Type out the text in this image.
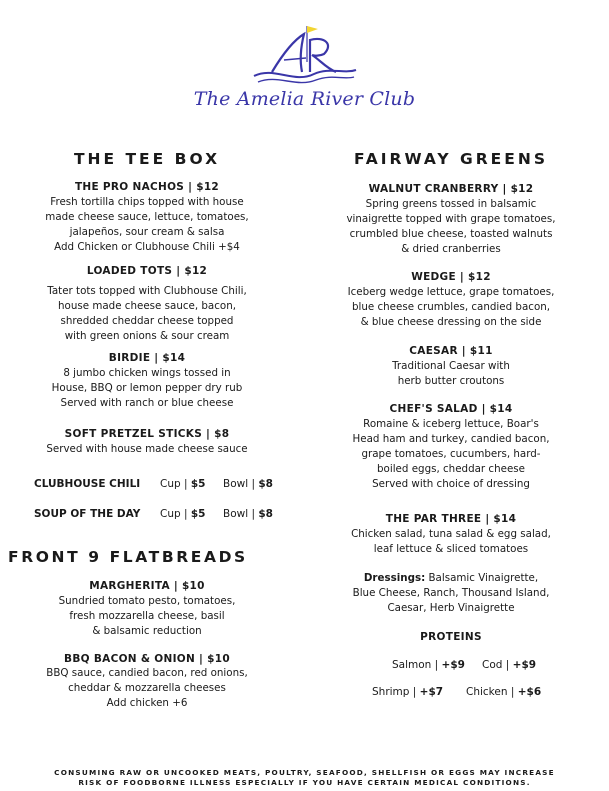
The Amelia River Club
THE TEE BOX
THE PRO NACHOS | $12
Fresh tortilla chips topped with house
made cheese sauce, lettuce, tomatoes,
jalapeños, sour cream & salsa
Add Chicken or Clubhouse Chili +$4
LOADED TOTS | $12
Tater tots topped with Clubhouse Chili,
house made cheese sauce, bacon,
shredded cheddar cheese topped
with green onions & sour cream
BIRDIE | $14
8 jumbo chicken wings tossed in
House, BBQ or lemon pepper dry rub
Served with ranch or blue cheese
SOFT PRETZEL STICKS | $8
Served with house made cheese sauce
CLUBHOUSE CHILI Cup | $5 Bowl | $8
SOUP OF THE DAY Cup | $5 Bowl | $8
FRONT 9 FLATBREADS
MARGHERITA | $10
Sundried tomato pesto, tomatoes,
fresh mozzarella cheese, basil
& balsamic reduction
BBQ BACON & ONION | $10
BBQ sauce, candied bacon, red onions,
cheddar & mozzarella cheeses
Add chicken +6
FAIRWAY GREENS
WALNUT CRANBERRY | $12
Spring greens tossed in balsamic
vinaigrette topped with grape tomatoes,
crumbled blue cheese, toasted walnuts
& dried cranberries
WEDGE | $12
Iceberg wedge lettuce, grape tomatoes,
blue cheese crumbles, candied bacon,
& blue cheese dressing on the side
CAESAR | $11
Traditional Caesar with
herb butter croutons
CHEF'S SALAD | $14
Romaine & iceberg lettuce, Boar's
Head ham and turkey, candied bacon,
grape tomatoes, cucumbers, hard-
boiled eggs, cheddar cheese
Served with choice of dressing
THE PAR THREE | $14
Chicken salad, tuna salad & egg salad,
leaf lettuce & sliced tomatoes
Dressings: Balsamic Vinaigrette,
Blue Cheese, Ranch, Thousand Island,
Caesar, Herb Vinaigrette
PROTEINS
Salmon | +$9 Cod | +$9
Shrimp | +$7 Chicken | +$6
CONSUMING RAW OR UNCOOKED MEATS, POULTRY, SEAFOOD, SHELLFISH OR EGGS MAY INCREASE
RISK OF FOODBORNE ILLNESS ESPECIALLY IF YOU HAVE CERTAIN MEDICAL CONDITIONS.
